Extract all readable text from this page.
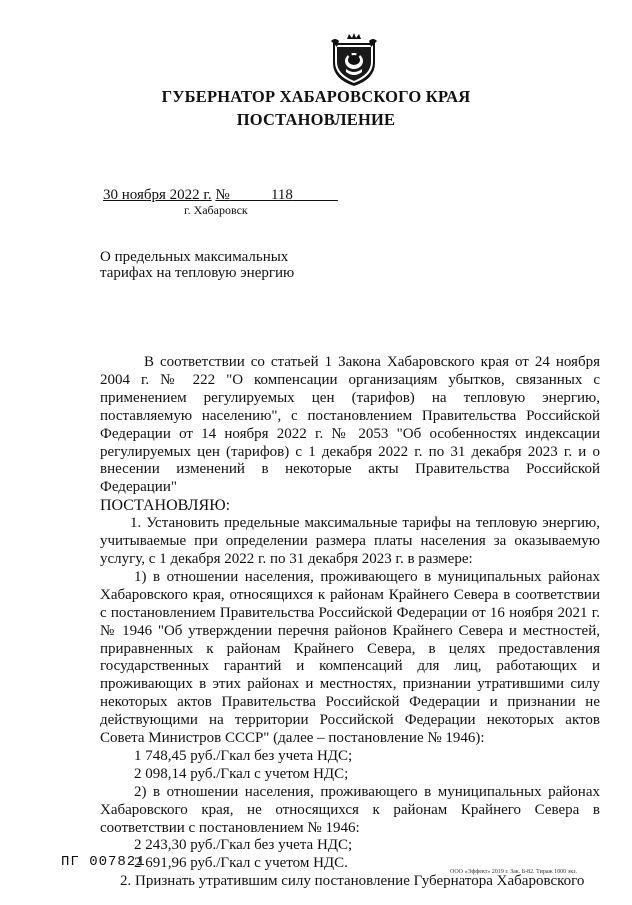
ГУБЕРНАТОР ХАБАРОВСКОГО КРАЯ
ПОСТАНОВЛЕНИЕ
30 ноября 2022 г. №	118
г. Хабаровск
О предельных максимальных
тарифах на тепловую энергию

В соответствии со статьей 1 Закона Хабаровского края от 24 ноября 2004 г. № 222 "О компенсации организациям убытков, связанных с применением регулируемых цен (тарифов) на тепловую энергию, поставляемую населению", с постановлением Правительства Российской Федерации от 14 ноября 2022 г. № 2053 "Об особенностях индексации регулируемых цен (тарифов) с 1 декабря 2022 г. по 31 декабря 2023 г. и о внесении изменений в некоторые акты Правительства Российской Федерации"

ПОСТАНОВЛЯЮ:

1. Установить предельные максимальные тарифы на тепловую энергию, учитываемые при определении размера платы населения за оказываемую услугу, с 1 декабря 2022 г. по 31 декабря 2023 г. в размере:

1) в отношении населения, проживающего в муниципальных районах Хабаровского края, относящихся к районам Крайнего Севера в соответствии с постановлением Правительства Российской Федерации от 16 ноября 2021 г. № 1946 "Об утверждении перечня районов Крайнего Севера и местностей, приравненных к районам Крайнего Севера, в целях предоставления государственных гарантий и компенсаций для лиц, работающих и проживающих в этих районах и местностях, признании утратившими силу некоторых актов Правительства Российской Федерации и признании не действующими на территории Российской Федерации некоторых актов Совета Министров СССР" (далее – постановление № 1946):

1 748,45 руб./Гкал без учета НДС;

2 098,14 руб./Гкал с учетом НДС;

2) в отношении населения, проживающего в муниципальных районах Хабаровского края, не относящихся к районам Крайнего Севера в соответствии с постановлением № 1946:

2 243,30 руб./Гкал без учета НДС;

2 691,96 руб./Гкал с учетом НДС.

2. Признать утратившим силу постановление Губернатора Хабаровского

ПГ 007821
ООО «Эффект» 2019 г. Зак. Б-82. Тираж 1000 экз.
